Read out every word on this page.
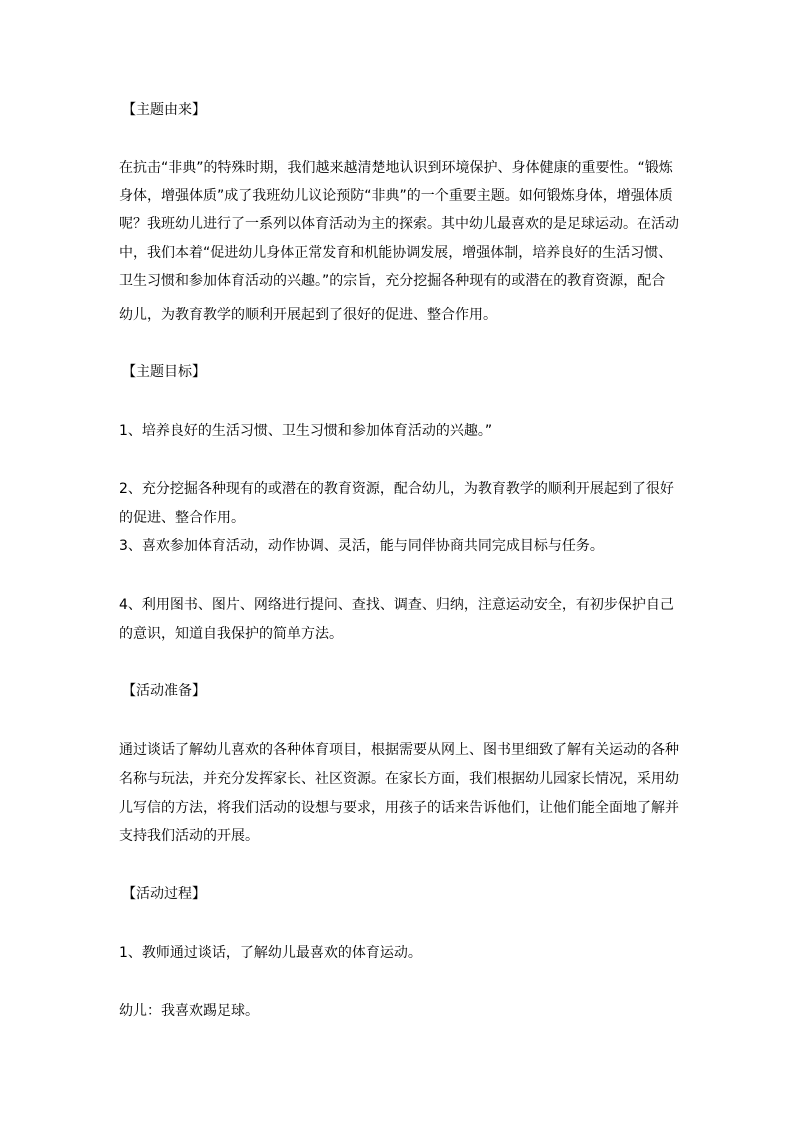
【主题由来】

在抗击“非典”的特殊时期，我们越来越清楚地认识到环境保护、身体健康的重要性。“锻炼

身体，增强体质”成了我班幼儿议论预防“非典”的一个重要主题。如何锻炼身体，增强体质

呢？我班幼儿进行了一系列以体育活动为主的探索。其中幼儿最喜欢的是足球运动。在活动

中，我们本着“促进幼儿身体正常发育和机能协调发展，增强体制，培养良好的生活习惯、

卫生习惯和参加体育活动的兴趣。”的宗旨，充分挖掘各种现有的或潜在的教育资源，配合

幼儿，为教育教学的顺利开展起到了很好的促进、整合作用。

【主题目标】

1、培养良好的生活习惯、卫生习惯和参加体育活动的兴趣。”

2、充分挖掘各种现有的或潜在的教育资源，配合幼儿，为教育教学的顺利开展起到了很好

的促进、整合作用。

3、喜欢参加体育活动，动作协调、灵活，能与同伴协商共同完成目标与任务。

4、利用图书、图片、网络进行提问、查找、调查、归纳，注意运动安全，有初步保护自己

的意识，知道自我保护的简单方法。

【活动准备】

通过谈话了解幼儿喜欢的各种体育项目，根据需要从网上、图书里细致了解有关运动的各种

名称与玩法，并充分发挥家长、社区资源。在家长方面，我们根据幼儿园家长情况，采用幼

儿写信的方法，将我们活动的设想与要求，用孩子的话来告诉他们，让他们能全面地了解并

支持我们活动的开展。

【活动过程】

1、教师通过谈话，了解幼儿最喜欢的体育运动。

幼儿：我喜欢踢足球。
